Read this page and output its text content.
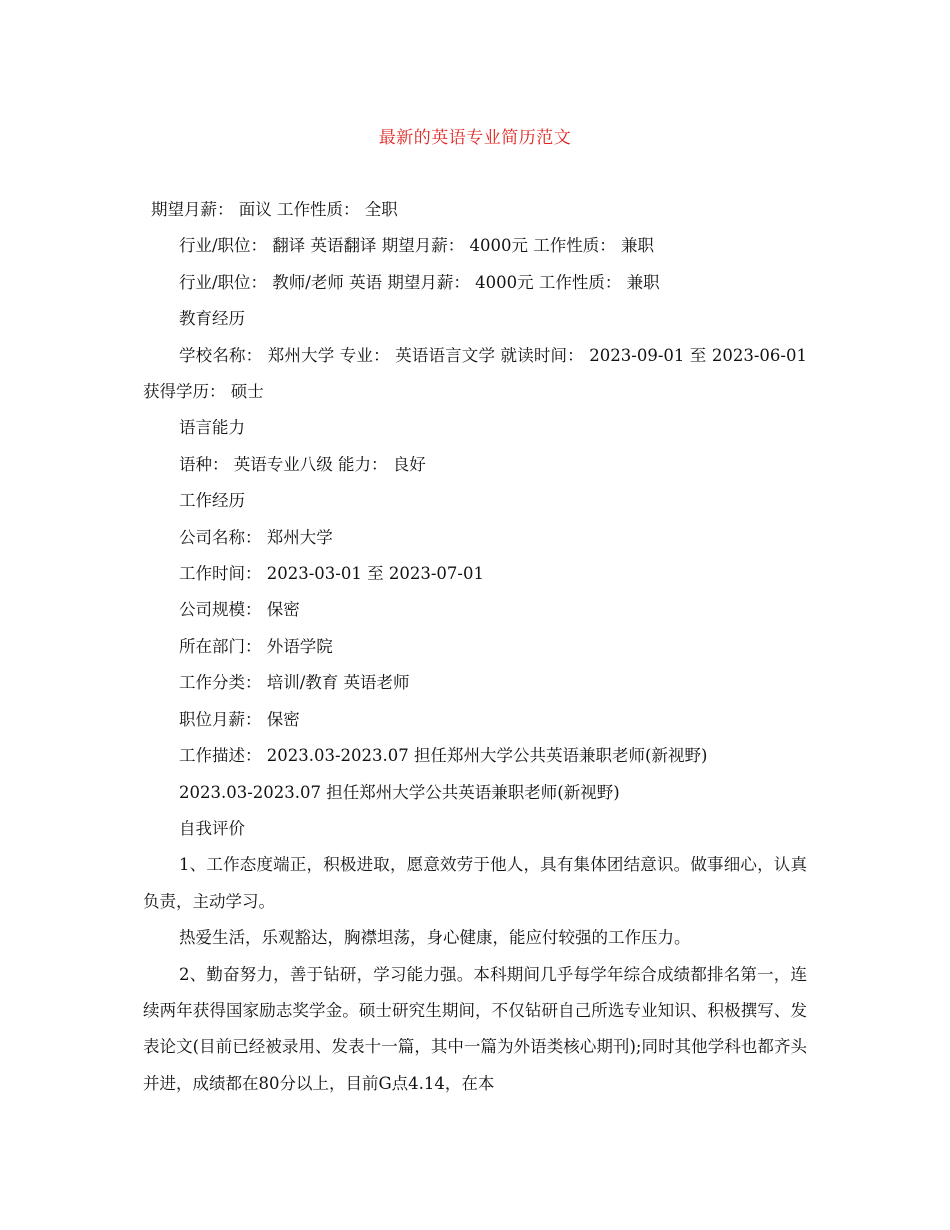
最新的英语专业简历范文
期望月薪： 面议 工作性质： 全职
行业/职位： 翻译 英语翻译 期望月薪： 4000元 工作性质： 兼职
行业/职位： 教师/老师 英语 期望月薪： 4000元 工作性质： 兼职
教育经历
学校名称： 郑州大学 专业： 英语语言文学 就读时间： 2023-09-01 至 2023-06-01 获得学历： 硕士
语言能力
语种： 英语专业八级 能力： 良好
工作经历
公司名称： 郑州大学
工作时间： 2023-03-01 至 2023-07-01
公司规模： 保密
所在部门： 外语学院
工作分类： 培训/教育 英语老师
职位月薪： 保密
工作描述： 2023.03-2023.07 担任郑州大学公共英语兼职老师(新视野)
2023.03-2023.07 担任郑州大学公共英语兼职老师(新视野)
自我评价
1、工作态度端正，积极进取，愿意效劳于他人，具有集体团结意识。做事细心，认真负责，主动学习。
热爱生活，乐观豁达，胸襟坦荡，身心健康，能应付较强的工作压力。
2、勤奋努力，善于钻研，学习能力强。本科期间几乎每学年综合成绩都排名第一，连续两年获得国家励志奖学金。硕士研究生期间，不仅钻研自己所选专业知识、积极撰写、发表论文(目前已经被录用、发表十一篇，其中一篇为外语类核心期刊);同时其他学科也都齐头并进，成绩都在80分以上，目前G点4.14，在本
